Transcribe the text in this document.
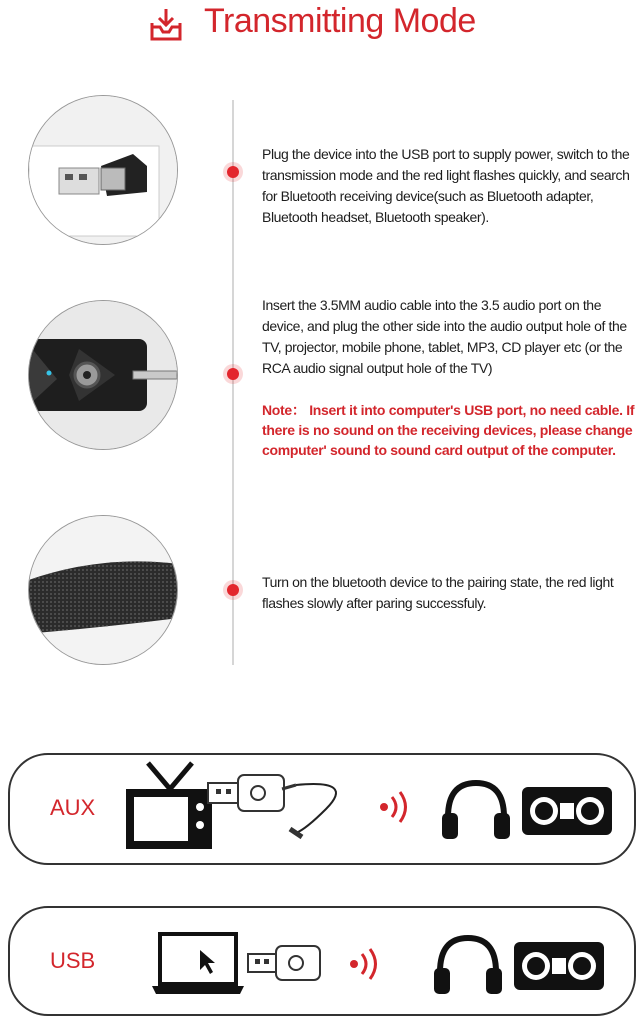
Transmitting Mode
Plug the device into the USB port to supply power, switch to the transmission mode and the red light flashes quickly, and search for Bluetooth receiving device(such as Bluetooth adapter, Bluetooth headset, Bluetooth speaker).
Insert the 3.5MM audio cable into the 3.5 audio port on the device, and plug the other side into the audio output hole of the TV, projector, mobile phone, tablet, MP3, CD player etc (or the RCA audio signal output hole of the TV)
Note： Insert it into computer's USB port, no need cable. If there is no sound on the receiving devices, please change computer' sound to sound card output of the computer.
Turn on the bluetooth device to the pairing state, the red light flashes slowly after paring successfuly.
AUX
USB
